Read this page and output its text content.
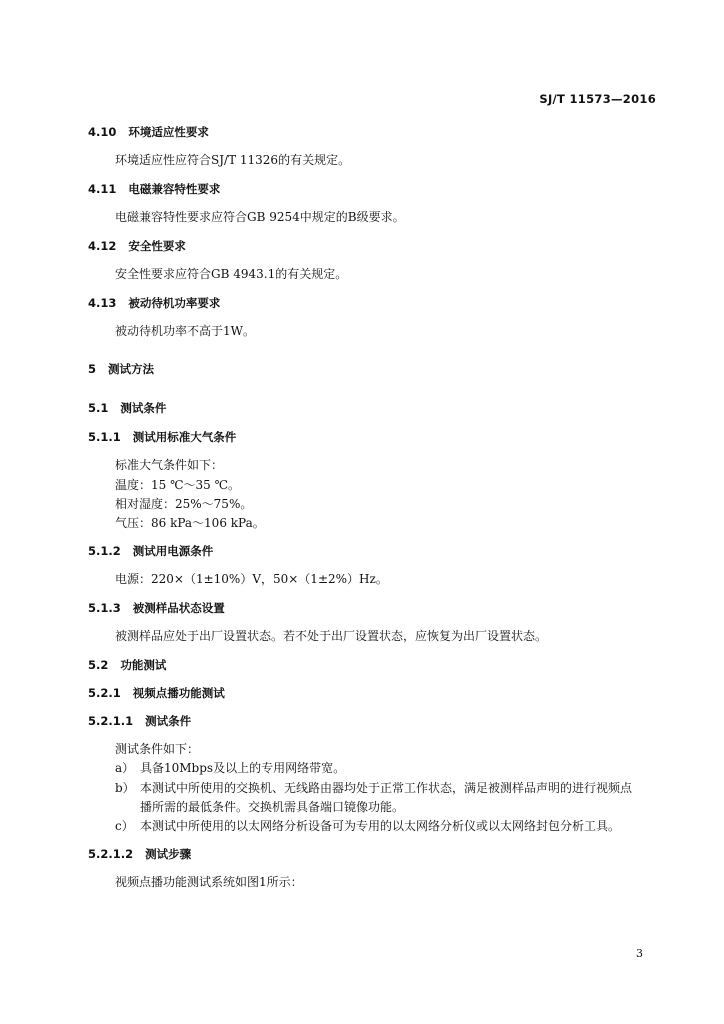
SJ/T 11573—2016
4.10 环境适应性要求
环境适应性应符合SJ/T 11326的有关规定。
4.11 电磁兼容特性要求
电磁兼容特性要求应符合GB 9254中规定的B级要求。
4.12 安全性要求
安全性要求应符合GB 4943.1的有关规定。
4.13 被动待机功率要求
被动待机功率不高于1W。
5 测试方法
5.1 测试条件
5.1.1 测试用标准大气条件
标准大气条件如下：
温度：15 ℃～35 ℃。
相对湿度：25%～75%。
气压：86 kPa～106 kPa。
5.1.2 测试用电源条件
电源：220×（1±10%）V，50×（1±2%）Hz。
5.1.3 被测样品状态设置
被测样品应处于出厂设置状态。若不处于出厂设置状态，应恢复为出厂设置状态。
5.2 功能测试
5.2.1 视频点播功能测试
5.2.1.1 测试条件
测试条件如下：
a） 具备10Mbps及以上的专用网络带宽。
b） 本测试中所使用的交换机、无线路由器均处于正常工作状态，满足被测样品声明的进行视频点
播所需的最低条件。交换机需具备端口镜像功能。
c） 本测试中所使用的以太网络分析设备可为专用的以太网络分析仪或以太网络封包分析工具。
5.2.1.2 测试步骤
视频点播功能测试系统如图1所示：
3
